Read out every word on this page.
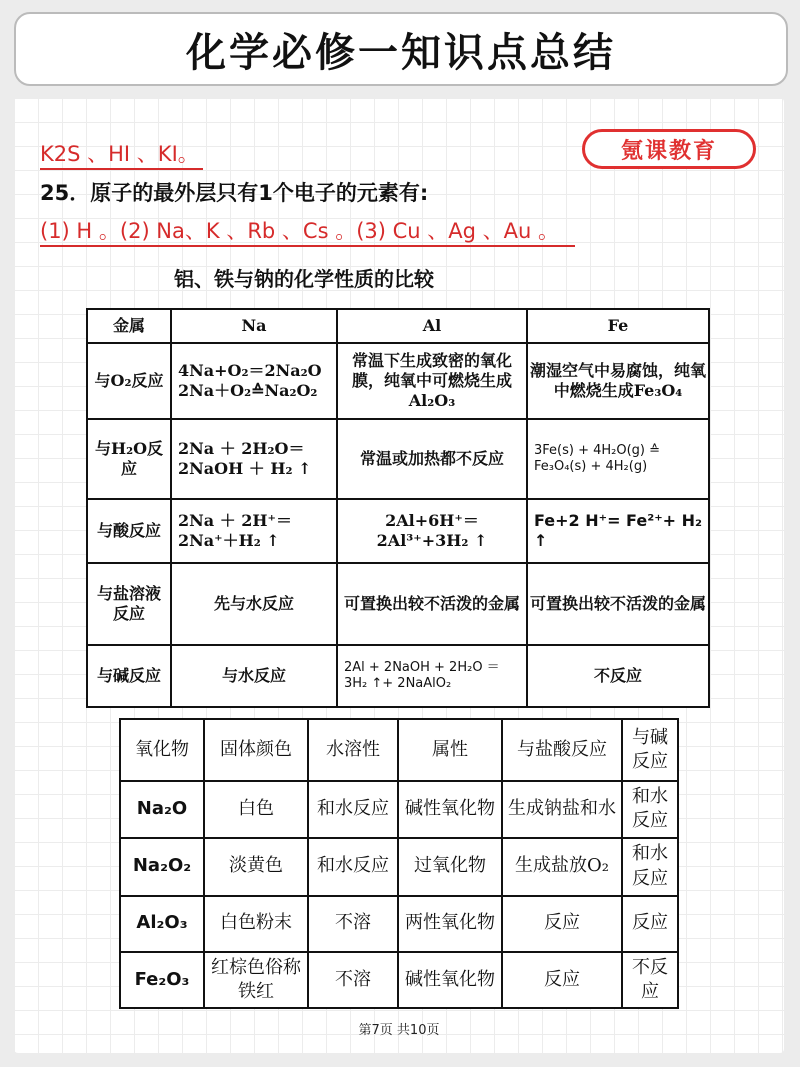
化学必修一知识点总结
K2S 、HI 、KI。	氪课教育
25．原子的最外层只有1个电子的元素有:
(1) H 。(2) Na、K 、Rb 、Cs 。(3) Cu 、Ag 、Au 。
铝、铁与钠的化学性质的比较
金属	Na	Al	Fe
与O₂反应	4Na+O₂＝2Na₂O 2Na＋O₂≙Na₂O₂	常温下生成致密的氧化膜，纯氧中可燃烧生成Al₂O₃	潮湿空气中易腐蚀，纯氧中燃烧生成Fe₃O₄
与H₂O反应	2Na ＋ 2H₂O＝2NaOH ＋ H₂ ↑	常温或加热都不反应	3Fe(s) + 4H₂O(g) ≙ Fe₃O₄(s) + 4H₂(g)
与酸反应	2Na ＋ 2H⁺＝2Na⁺＋H₂ ↑	2Al+6H⁺＝2Al³⁺+3H₂ ↑	Fe+2 H⁺= Fe²⁺+ H₂ ↑
与盐溶液反应	先与水反应	可置换出较不活泼的金属	可置换出较不活泼的金属
与碱反应	与水反应	2Al + 2NaOH + 2H₂O ＝ 3H₂ ↑+ 2NaAlO₂	不反应
氧化物	固体颜色	水溶性	属性	与盐酸反应	与碱反应
Na₂O	白色	和水反应	碱性氧化物	生成钠盐和水	和水反应
Na₂O₂	淡黄色	和水反应	过氧化物	生成盐放O₂	和水反应
Al₂O₃	白色粉末	不溶	两性氧化物	反应	反应
Fe₂O₃	红棕色俗称铁红	不溶	碱性氧化物	反应	不反应
第7页 共10页
